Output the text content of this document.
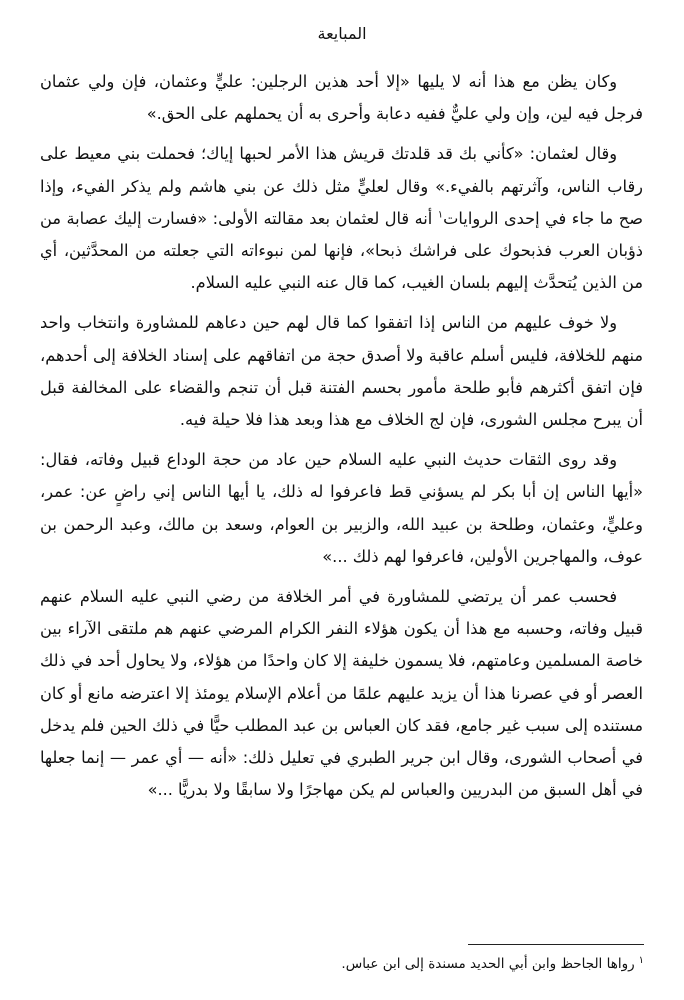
المبايعة

وكان يظن مع هذا أنه لا يليها «إلا أحد هذين الرجلين: عليٍّ وعثمان، فإن ولي عثمان فرجل فيه لين، وإن ولي عليٌّ ففيه دعابة وأحرى به أن يحملهم على الحق.»

وقال لعثمان: «كأني بك قد قلدتك قريش هذا الأمر لحبها إياك؛ فحملت بني معيط على رقاب الناس، وآثرتهم بالفيء.» وقال لعليٍّ مثل ذلك عن بني هاشم ولم يذكر الفيء، وإذا صح ما جاء في إحدى الروايات$^١$ أنه قال لعثمان بعد مقالته الأولى: «فسارت إليك عصابة من ذؤبان العرب فذبحوك على فراشك ذبحا»، فإنها لمن نبوءاته التي جعلته من المحدَّثين، أي من الذين يُتحدَّث إليهم بلسان الغيب، كما قال عنه النبي عليه السلام.

ولا خوف عليهم من الناس إذا اتفقوا كما قال لهم حين دعاهم للمشاورة وانتخاب واحد منهم للخلافة، فليس أسلم عاقبة ولا أصدق حجة من اتفاقهم على إسناد الخلافة إلى أحدهم، فإن اتفق أكثرهم فأبو طلحة مأمور بحسم الفتنة قبل أن تنجم والقضاء على المخالفة قبل أن يبرح مجلس الشورى، فإن لج الخلاف مع هذا وبعد هذا فلا حيلة فيه.

وقد روى الثقات حديث النبي عليه السلام حين عاد من حجة الوداع قبيل وفاته، فقال: «أيها الناس إن أبا بكر لم يسؤني قط فاعرفوا له ذلك، يا أيها الناس إني راضٍ عن: عمر، وعليٍّ، وعثمان، وطلحة بن عبيد الله، والزبير بن العوام، وسعد بن مالك، وعبد الرحمن بن عوف، والمهاجرين الأولين، فاعرفوا لهم ذلك ...»

فحسب عمر أن يرتضي للمشاورة في أمر الخلافة من رضي النبي عليه السلام عنهم قبيل وفاته، وحسبه مع هذا أن يكون هؤلاء النفر الكرام المرضي عنهم هم ملتقى الآراء بين خاصة المسلمين وعامتهم، فلا يسمون خليفة إلا كان واحدًا من هؤلاء، ولا يحاول أحد في ذلك العصر أو في عصرنا هذا أن يزيد عليهم علمًا من أعلام الإسلام يومئذ إلا اعترضه مانع أو كان مستنده إلى سبب غير جامع، فقد كان العباس بن عبد المطلب حيًّا في ذلك الحين فلم يدخل في أصحاب الشورى، وقال ابن جرير الطبري في تعليل ذلك: «أنه — أي عمر — إنما جعلها في أهل السبق من البدريين والعباس لم يكن مهاجرًا ولا سابقًا ولا بدريًّا ...»

$^١$رواها الجاحظ وابن أبي الحديد مسندة إلى ابن عباس.
